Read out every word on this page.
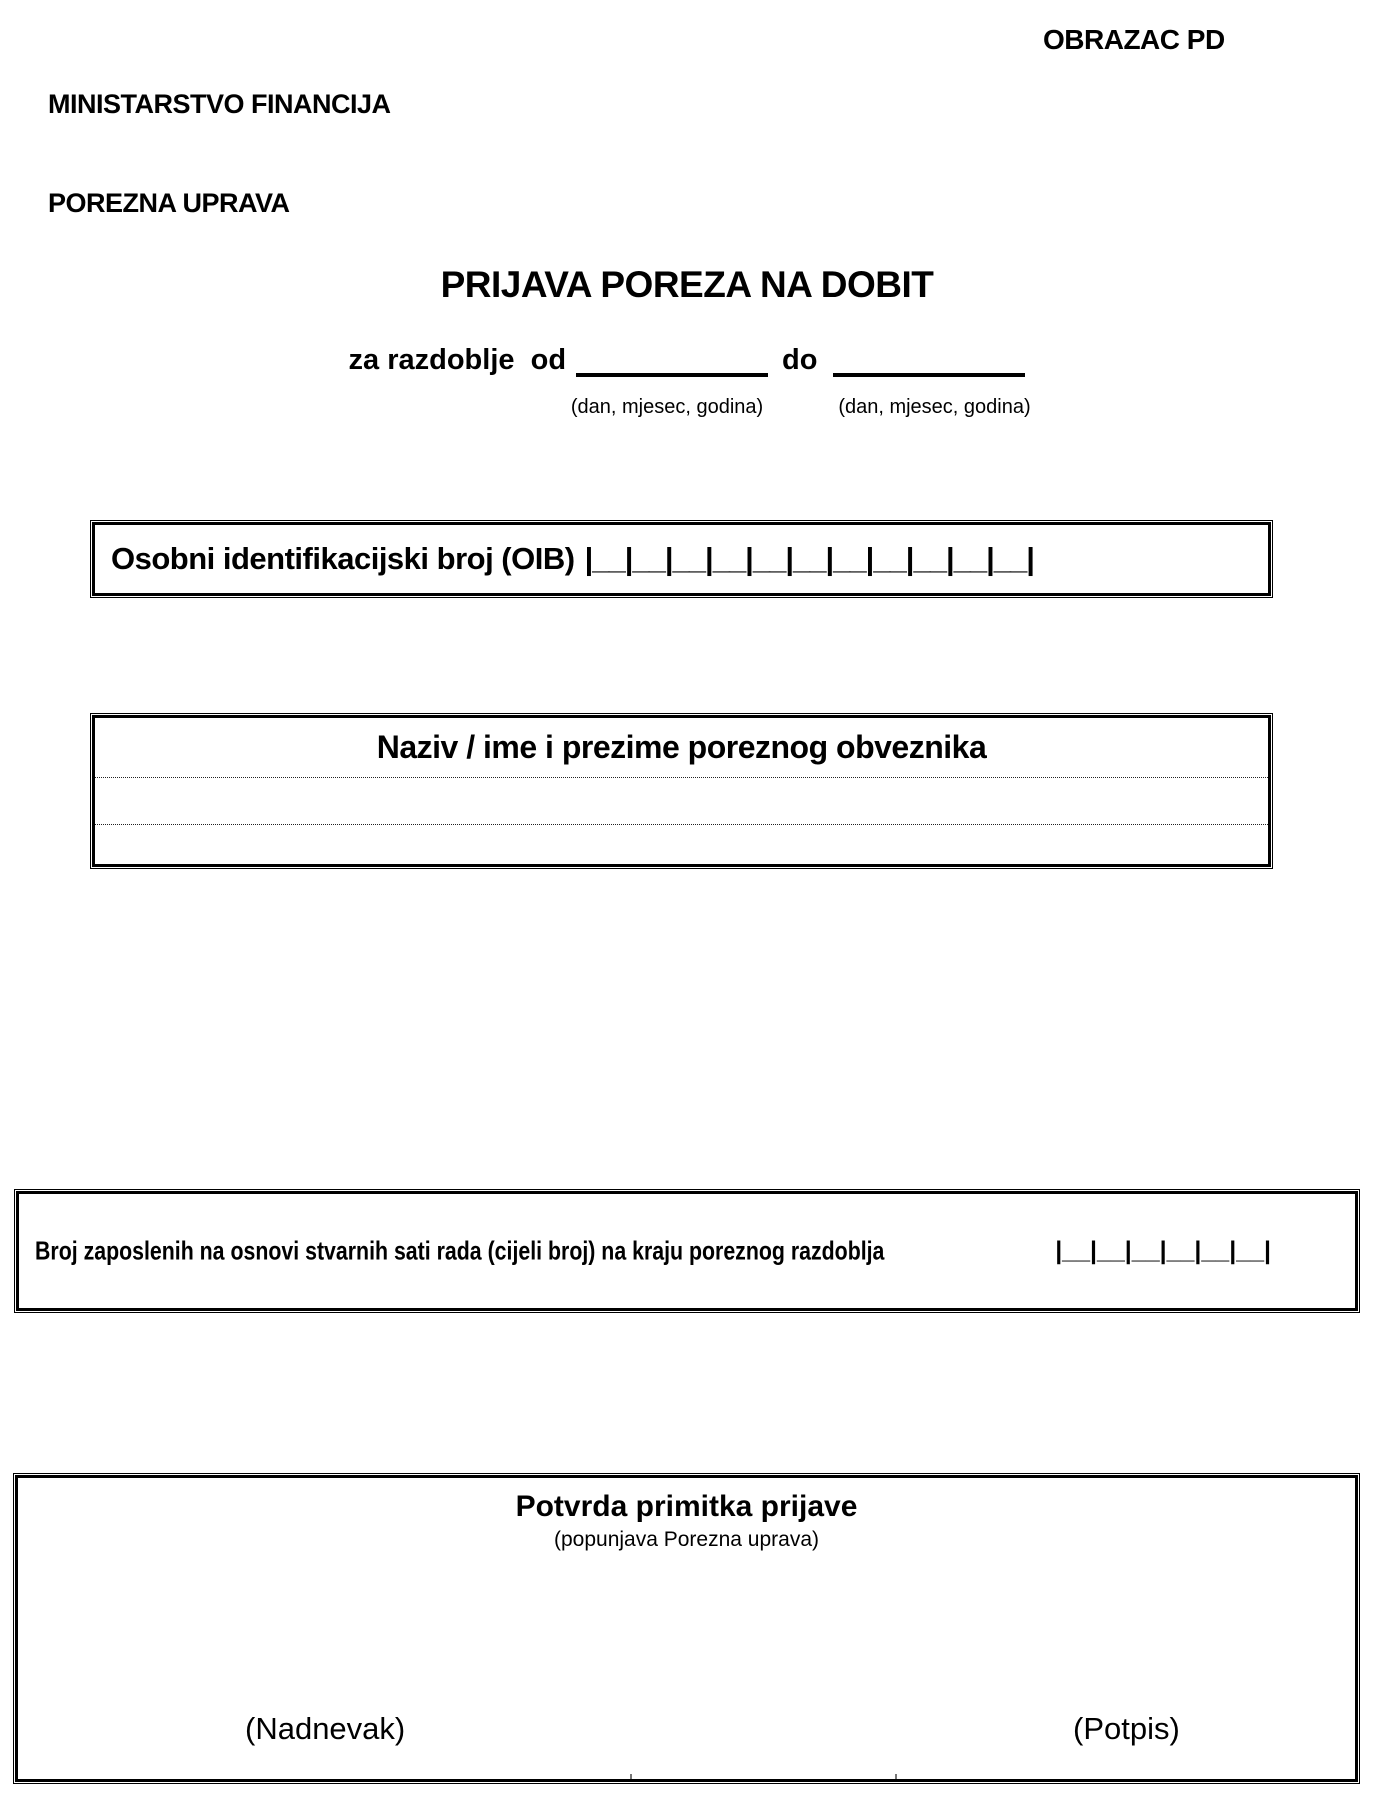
MINISTARSTVO FINANCIJA

POREZNA UPRAVA

OBRAZAC PD
PRIJAVA POREZA NA DOBIT
za razdoblje  od	do
(dan, mjesec, godina)	(dan, mjesec, godina)
Osobni identifikacijski broj (OIB) |__|__|__|__|__|__|__|__|__|__|__|
Naziv / ime i prezime poreznog obveznika
Broj zaposlenih na osnovi stvarnih sati rada (cijeli broj) na kraju poreznog razdoblja	|__|__|__|__|__|__|
Potvrda primitka prijave
(popunjava Porezna uprava)
(Nadnevak)	(Potpis)
